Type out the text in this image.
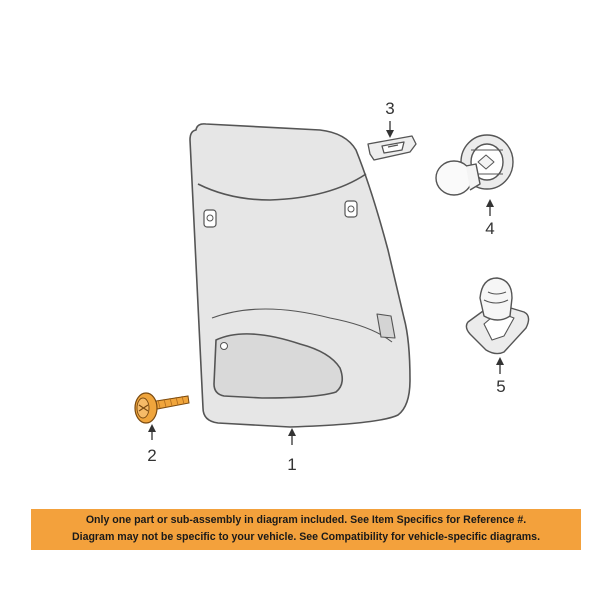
1
2
3
4
5
Only one part or sub-assembly in diagram included. See Item Specifics for Reference #.
Diagram may not be specific to your vehicle. See Compatibility for vehicle-specific diagrams.
